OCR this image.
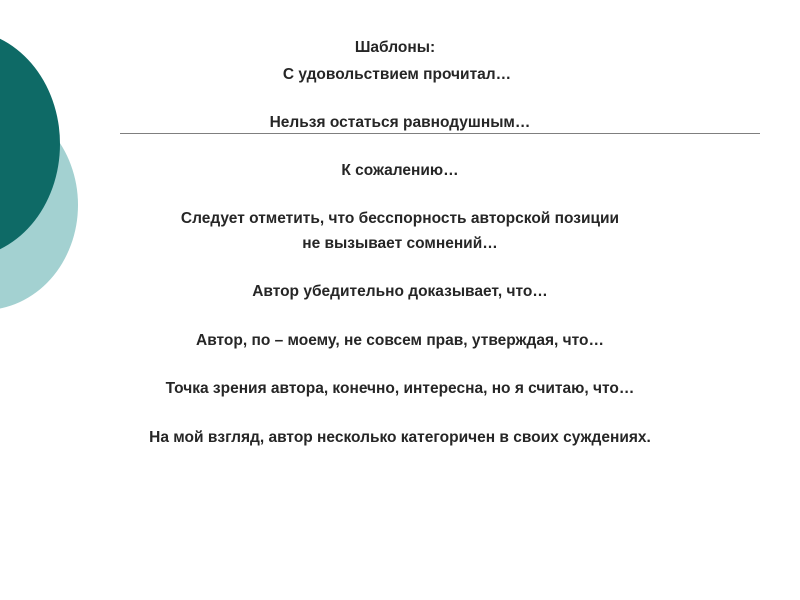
Шаблоны:
С удовольствием прочитал…
Нельзя остаться равнодушным…
К сожалению…
Следует отметить, что бесспорность авторской позиции
не вызывает сомнений…
Автор убедительно доказывает, что…
Автор, по – моему, не совсем прав, утверждая, что…
Точка зрения автора, конечно, интересна, но я считаю, что…
На мой взгляд, автор несколько категоричен в своих суждениях.
